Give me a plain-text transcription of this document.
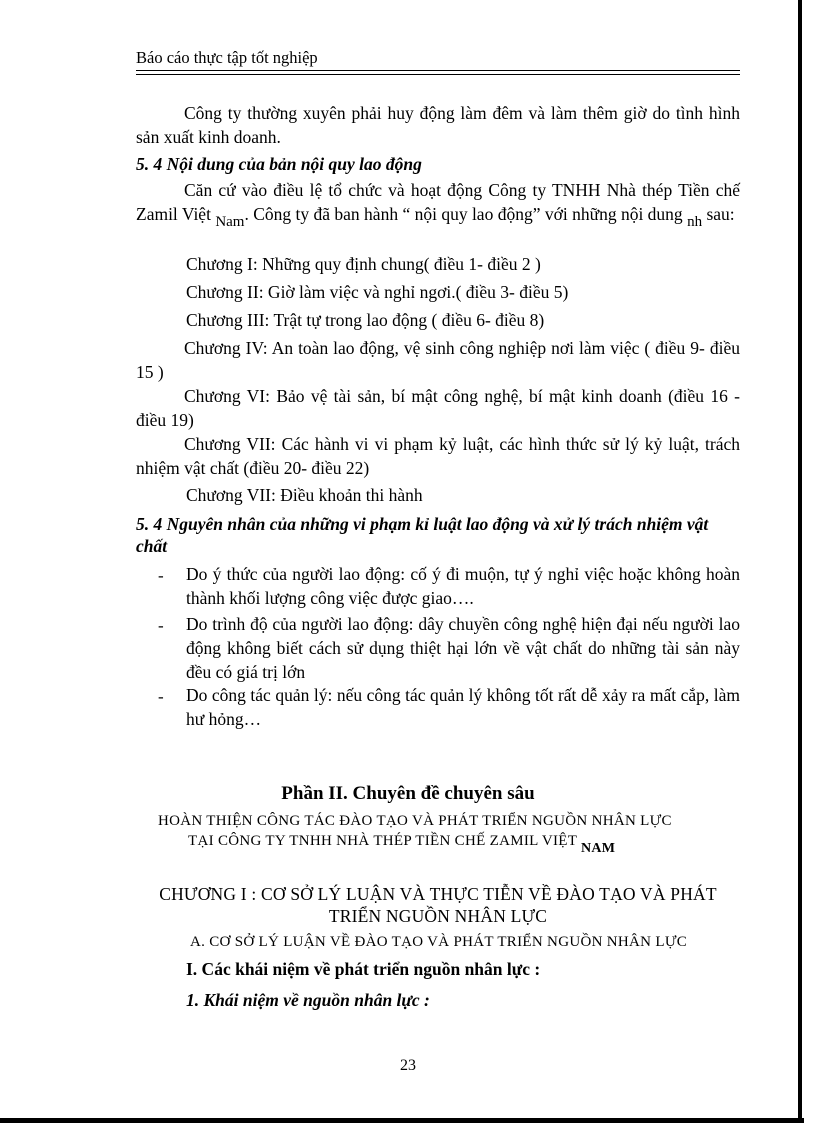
Báo cáo thực tập tốt nghiệp
Công ty thường xuyên phải huy động làm đêm và làm thêm giờ do tình hình sản xuất kinh doanh.
5. 4 Nội dung của bản nội quy lao động
Căn cứ vào điều lệ tổ chức và hoạt động Công ty TNHH Nhà thép Tiền chế Zamil Việt Nam. Công ty đã ban hành “ nội quy lao động” với những nội dung nh sau:
Chương I: Những quy định chung( điều 1- điều 2 )
Chương II: Giờ làm việc và nghỉ ngơi.( điều 3- điều 5)
Chương III: Trật tự trong lao động ( điều 6- điều 8)
Chương IV: An toàn lao động, vệ sinh công nghiệp nơi làm việc ( điều 9- điều 15 )
Chương VI: Bảo vệ tài sản, bí mật công nghệ, bí mật kinh doanh (điều 16 - điều 19)
Chương VII: Các hành vi vi phạm kỷ luật, các hình thức sử lý kỷ luật, trách nhiệm vật chất (điều 20- điều 22)
Chương VII: Điều khoản thi hành
5. 4 Nguyên nhân của những vi phạm kỉ luật lao động và xử lý trách nhiệm vật chất
- Do ý thức của người lao động: cố ý đi muộn, tự ý nghỉ việc hoặc không hoàn thành khối lượng công việc được giao….
- Do trình độ của người lao động: dây chuyền công nghệ hiện đại nếu người lao động không biết cách sử dụng thiệt hại lớn về vật chất do những tài sản này đều có giá trị lớn
- Do công tác quản lý: nếu công tác quản lý không tốt rất dễ xảy ra mất cắp, làm hư hỏng…
Phần II. Chuyên đề chuyên sâu
HOÀN THIỆN CÔNG TÁC ĐÀO TẠO VÀ PHÁT TRIỂN NGUỒN NHÂN LỰC
TẠI CÔNG TY TNHH NHÀ THÉP TIỀN CHẾ ZAMIL VIỆT NAM
CHƯƠNG I : CƠ SỞ LÝ LUẬN VÀ THỰC TIỄN VỀ ĐÀO TẠO VÀ PHÁT
TRIỂN NGUỒN NHÂN LỰC
A. CƠ SỞ LÝ LUẬN VỀ ĐÀO TẠO VÀ PHÁT TRIỂN NGUỒN NHÂN LỰC
I. Các khái niệm về phát triển nguồn nhân lực :
1. Khái niệm về nguồn nhân lực :
23
